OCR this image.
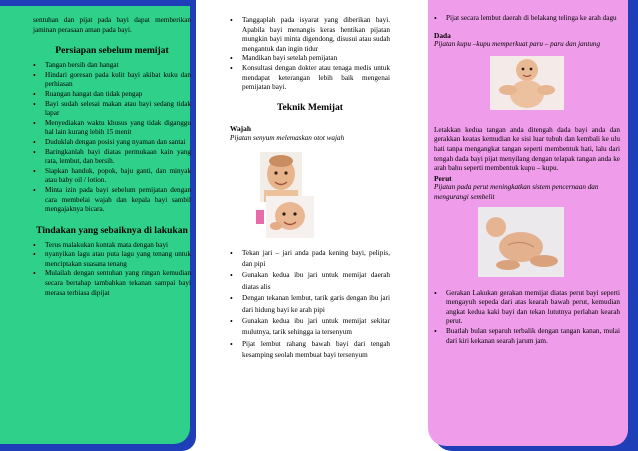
sentuhan dan pijat pada bayi dapat memberikan jaminan perasaan aman pada bayi.

Persiapan sebelum memijat
• Tangan bersih dan hangat
• Hindari goresan pada kulit bayi akibat kuku dan perhiasan
• Ruangan hangat dan tidak pengap
• Bayi sudah selesai makan atau bayi sedang tidak lapar
• Menyediakan waktu khusus yang tidak diganggu hal lain kurang lebih 15 menit
• Duduklah dengan posisi yang nyaman dan santai
• Baringkanlah bayi diatas permukaan kain yang rata, lembut, dan bersih.
• Siapkan handuk, popok, baju ganti, dan minyak atau baby oil / lotion.
• Minta izin pada bayi sebelum pemijatan dengan cara membelai wajah dan kepala bayi sambil mengajaknya bicara.
Tindakan yang sebaiknya di lakukan
• Terus malakukan kontak mata dengan bayi
• nyanyikan lagu atau puta lagu yang tenang untuk menciptakan suasana tenang
• Mulailah dengan sentuhan yang ringan kemudian secara bertahap tambahkan tekanan sampai bayi merasa terbiasa dipijat
• Tanggaplah pada isyarat yang diberikan bayi. Apabila bayi menangis keras hentikan pijatan mungkin bayi minta digendong, disusui atau sudah mengantuk dan ingin tidur
• Mandikan bayi setelah pemijatan
• Konsultasi dengan dokter atau tenaga medis untuk mendapat keterangan lebih baik mengenai pemijatan bayi.
Teknik Memijat

Wajah

Pijatan senyum melemaskan otot wajah

• Tekan jari – jari anda pada kening bayi, pelipis, dan pipi
• Gunakan kedua ibu jari untuk memijat daerah diatas alis
• Dengan tekanan lembut, tarik garis dengan ibu jari dari hidung bayi ke arah pipi
• Gunakan kedua ibu jari untuk memijat sekitar mulutnya, tarik sehingga ia tersenyum
• Pijat lembut rahang bawah bayi dari tengah kesamping seolah membuat bayi tersenyum
• Pijat secara lembut daerah di belakang telinga ke arah dagu

Dada

Pijatan kupu –kupu memperkuat paru – paru dan jantung

Letakkan kedua tangan anda ditengah dada bayi anda dan gerakkan keatas kemudian ke sisi luar tubuh dan kembali ke ulu hati tanpa mengangkat tangan seperti membentuk hati, lalu dari tengah dada bayi pijat menyilang dengan telapak tangan anda ke arah bahu seperti membentuk kupu – kupu.

Perut

Pijatan pada perut meningkatkan sistem pencernaan dan mengurangi sembelit

• Gerakan Lakukan gerakan memijat diatas perut bayi seperti mengayuh sepeda dari atas kearah bawah perut, kemudian angkat kedua kaki bayi dan tekan lututnya perlahan kearah perut.
• Buatlah bulan separuh terbalik dengan tangan kanan, mulai dari kiri kekanan searah jarum jam.
